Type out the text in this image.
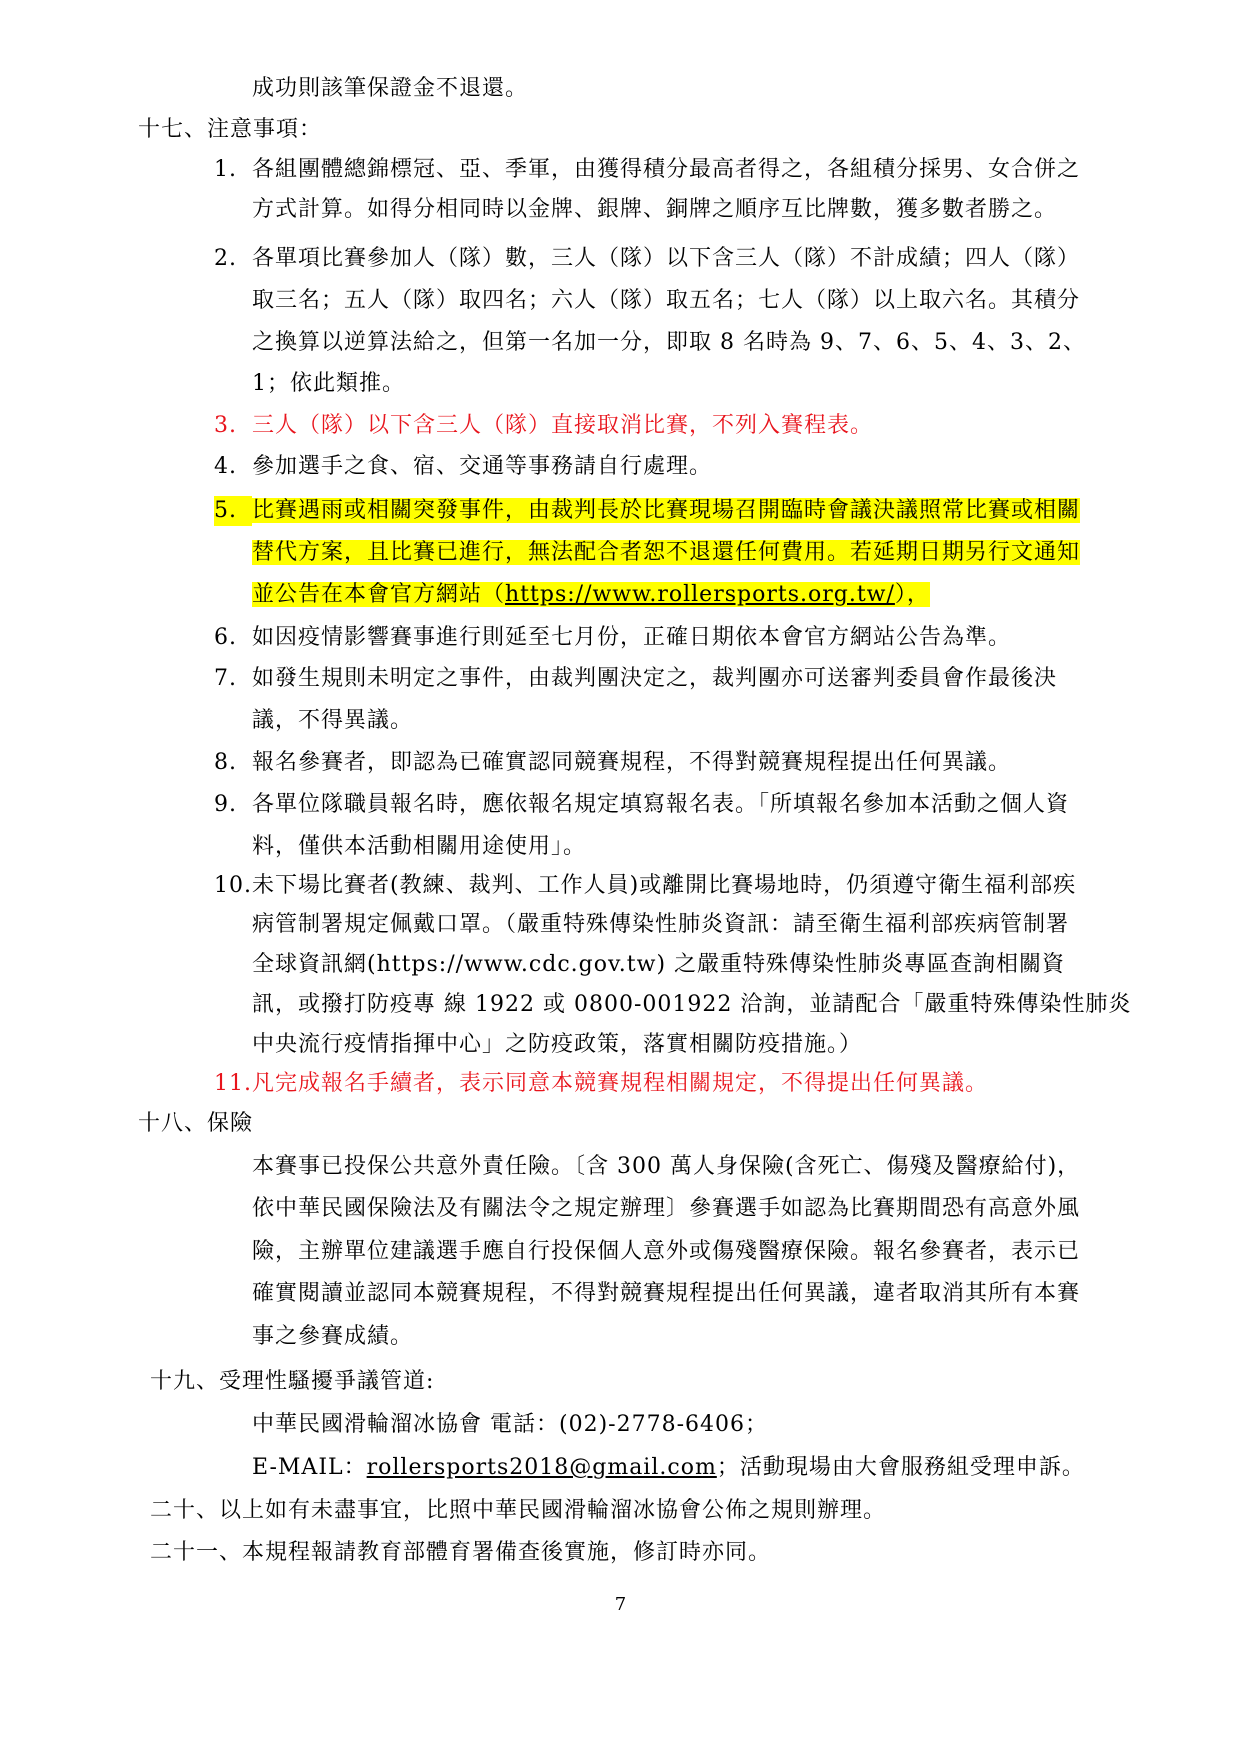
成功則該筆保證金不退還。
十七、注意事項：
1. 各組團體總錦標冠、亞、季軍，由獲得積分最高者得之，各組積分採男、女合併之
方式計算。如得分相同時以金牌、銀牌、銅牌之順序互比牌數，獲多數者勝之。
2. 各單項比賽參加人（隊）數，三人（隊）以下含三人（隊）不計成績；四人（隊）
取三名；五人（隊）取四名；六人（隊）取五名；七人（隊）以上取六名。其積分
之換算以逆算法給之，但第一名加一分，即取 8 名時為 9、7、6、5、4、3、2、
1；依此類推。
3. 三人（隊）以下含三人（隊）直接取消比賽，不列入賽程表。
4. 參加選手之食、宿、交通等事務請自行處理。
5. 比賽遇雨或相關突發事件，由裁判長於比賽現場召開臨時會議決議照常比賽或相關
替代方案，且比賽已進行，無法配合者恕不退還任何費用。若延期日期另行文通知
並公告在本會官方網站（https://www.rollersports.org.tw/），
6. 如因疫情影響賽事進行則延至七月份，正確日期依本會官方網站公告為準。
7. 如發生規則未明定之事件，由裁判團決定之，裁判團亦可送審判委員會作最後決
議，不得異議。
8. 報名參賽者，即認為已確實認同競賽規程，不得對競賽規程提出任何異議。
9. 各單位隊職員報名時，應依報名規定填寫報名表。「所填報名參加本活動之個人資
料，僅供本活動相關用途使用」。
10.未下場比賽者(教練、裁判、工作人員)或離開比賽場地時，仍須遵守衛生福利部疾
病管制署規定佩戴口罩。（嚴重特殊傳染性肺炎資訊：請至衛生福利部疾病管制署
全球資訊網(https://www.cdc.gov.tw) 之嚴重特殊傳染性肺炎專區查詢相關資
訊，或撥打防疫專 線 1922 或 0800-001922 洽詢，並請配合「嚴重特殊傳染性肺炎
中央流行疫情指揮中心」之防疫政策，落實相關防疫措施。）
11.凡完成報名手續者，表示同意本競賽規程相關規定，不得提出任何異議。
十八、保險
本賽事已投保公共意外責任險。〔含 300 萬人身保險(含死亡、傷殘及醫療給付)，
依中華民國保險法及有關法令之規定辦理〕參賽選手如認為比賽期間恐有高意外風
險，主辦單位建議選手應自行投保個人意外或傷殘醫療保險。報名參賽者，表示已
確實閱讀並認同本競賽規程，不得對競賽規程提出任何異議，違者取消其所有本賽
事之參賽成績。
十九、受理性騷擾爭議管道:
中華民國滑輪溜冰協會 電話：(02)-2778-6406；
E-MAIL：rollersports2018@gmail.com；活動現場由大會服務組受理申訴。
二十、以上如有未盡事宜，比照中華民國滑輪溜冰協會公佈之規則辦理。
二十一、本規程報請教育部體育署備查後實施，修訂時亦同。
7
